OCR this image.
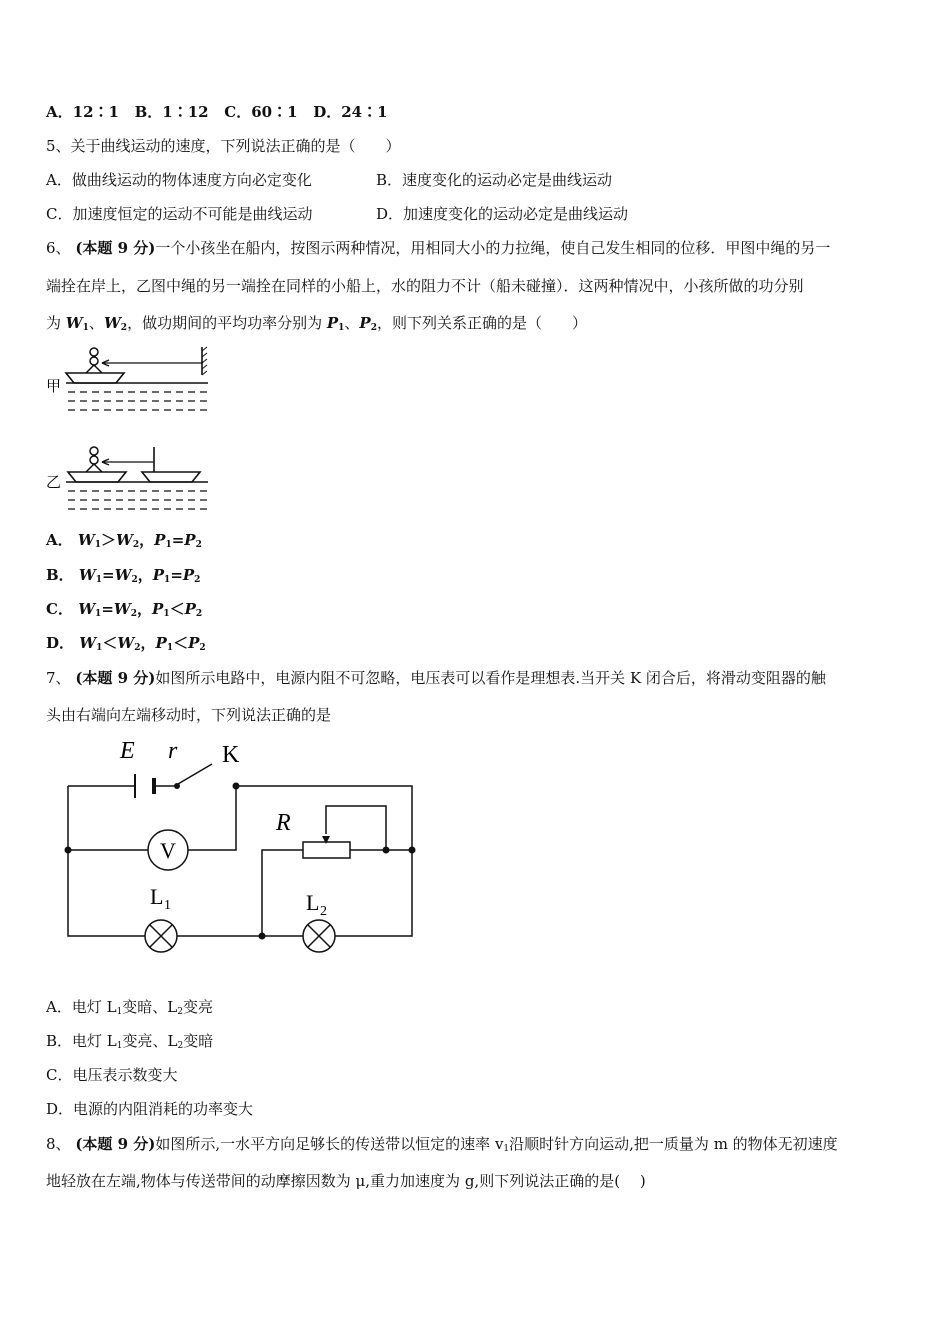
A．12∶1 B．1∶12 C．60∶1 D．24∶1
5、关于曲线运动的速度，下列说法正确的是（　　）
A．做曲线运动的物体速度方向必定变化	B．速度变化的运动必定是曲线运动
C．加速度恒定的运动不可能是曲线运动	D．加速度变化的运动必定是曲线运动
6、 (本题 9 分)一个小孩坐在船内，按图示两种情况，用相同大小的力拉绳，使自己发生相同的位移．甲图中绳的另一
端拴在岸上，乙图中绳的另一端拴在同样的小船上，水的阻力不计（船未碰撞）．这两种情况中，小孩所做的功分别
为 $W_1$、$W_2$，做功期间的平均功率分别为 $P_1$、$P_2$，则下列关系正确的是（　　）
甲
乙
A． $W_1>W_2$，$P_1=P_2$
B． $W_1=W_2$，$P_1=P_2$
C． $W_1=W_2$，$P_1<P_2$
D． $W_1<W_2$，$P_1<P_2$
7、 (本题 9 分)如图所示电路中，电源内阻不可忽略，电压表可以看作是理想表.当开关 K 闭合后，将滑动变阻器的触
头由右端向左端移动时，下列说法正确的是
V
E r K
R
L 1	L 2
A．电灯 $L_1$变暗、$L_2$变亮
B．电灯 $L_1$变亮、$L_2$变暗
C．电压表示数变大
D．电源的内阻消耗的功率变大
8、 (本题 9 分)如图所示,一水平方向足够长的传送带以恒定的速率 $v_1$沿顺时针方向运动,把一质量为 m 的物体无初速度
地轻放在左端,物体与传送带间的动摩擦因数为 μ,重力加速度为 g,则下列说法正确的是(　 )
